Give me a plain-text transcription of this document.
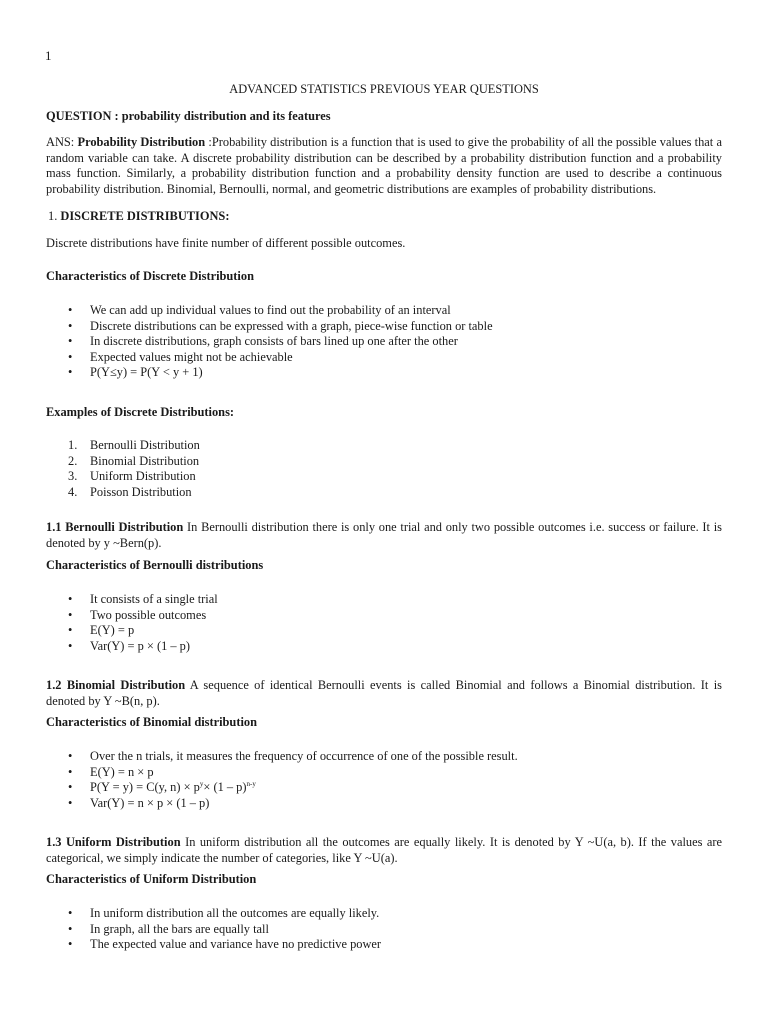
1
ADVANCED STATISTICS PREVIOUS YEAR QUESTIONS

QUESTION : probability distribution and its features

ANS: Probability Distribution :Probability distribution is a function that is used to give the probability of all the possible values that a random variable can take. A discrete probability distribution can be described by a probability distribution function and a probability mass function. Similarly, a probability distribution function and a probability density function are used to describe a continuous probability distribution. Binomial, Bernoulli, normal, and geometric distributions are examples of probability distributions.

1. DISCRETE DISTRIBUTIONS:

Discrete distributions have finite number of different possible outcomes.

Characteristics of Discrete Distribution

• We can add up individual values to find out the probability of an interval
• Discrete distributions can be expressed with a graph, piece-wise function or table
• In discrete distributions, graph consists of bars lined up one after the other
• Expected values might not be achievable
• P(Y≤y) = P(Y < y + 1)

Examples of Discrete Distributions:

1. Bernoulli Distribution
2. Binomial Distribution
3. Uniform Distribution
4. Poisson Distribution

1.1 Bernoulli Distribution In Bernoulli distribution there is only one trial and only two possible outcomes i.e. success or failure. It is denoted by y ~Bern(p).

Characteristics of Bernoulli distributions

• It consists of a single trial
• Two possible outcomes
• E(Y) = p
• Var(Y) = p × (1 – p)

1.2 Binomial Distribution A sequence of identical Bernoulli events is called Binomial and follows a Binomial distribution. It is denoted by Y ~B(n, p).

Characteristics of Binomial distribution

• Over the n trials, it measures the frequency of occurrence of one of the possible result.
• E(Y) = n × p
• P(Y = y) = C(y, $n) \times p^y\times (1 - p)^{n-y}$
• Var(Y) = n × p × (1 – p)

1.3 Uniform Distribution In uniform distribution all the outcomes are equally likely. It is denoted by Y ~U(a, b). If the values are categorical, we simply indicate the number of categories, like Y ~U(a).

Characteristics of Uniform Distribution

• In uniform distribution all the outcomes are equally likely.
• In graph, all the bars are equally tall
• The expected value and variance have no predictive power
